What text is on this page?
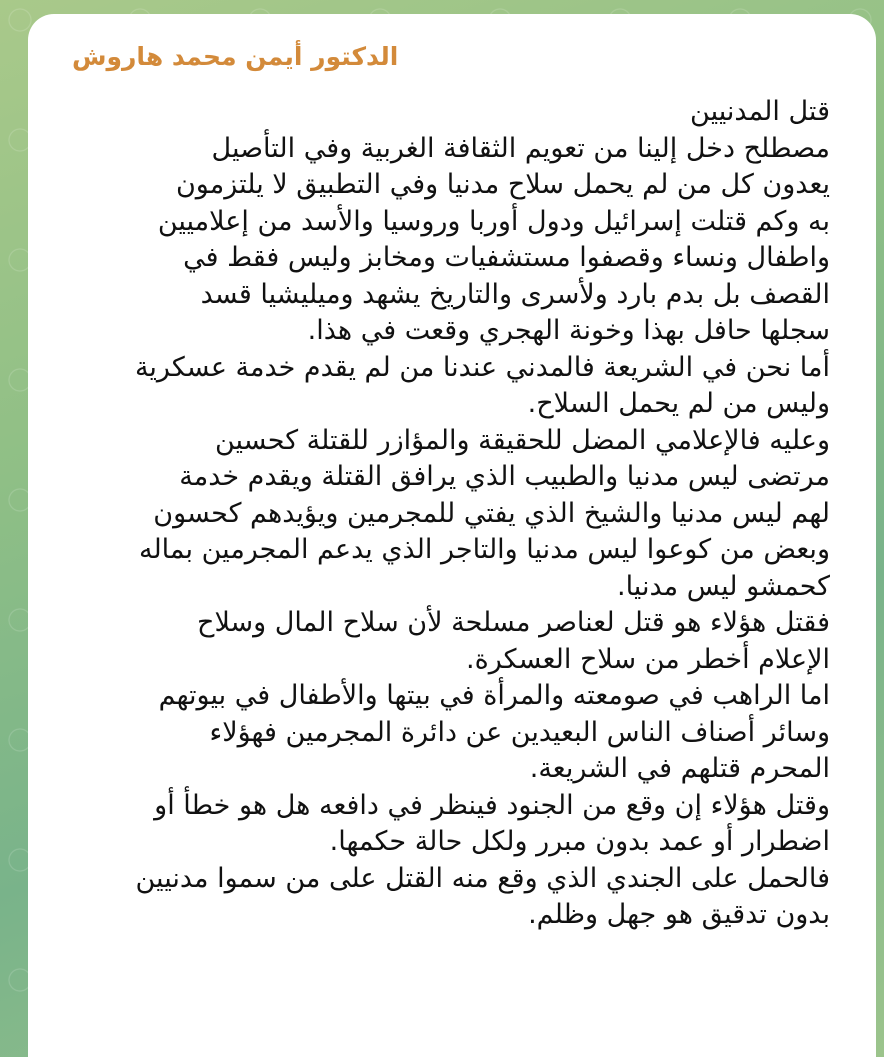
الدكتور أيمن محمد هاروش
قتل المدنيين
مصطلح دخل إلينا من تعويم الثقافة الغربية وفي التأصيل
يعدون كل من لم يحمل سلاح مدنيا وفي التطبيق لا يلتزمون
به وكم قتلت إسرائيل ودول أوربا وروسيا والأسد من إعلاميين
واطفال ونساء وقصفوا مستشفيات ومخابز وليس فقط في
القصف بل بدم بارد ولأسرى والتاريخ يشهد وميليشيا قسد
سجلها حافل بهذا وخونة الهجري وقعت في هذا.
أما نحن في الشريعة فالمدني عندنا من لم يقدم خدمة عسكرية
وليس من لم يحمل السلاح.
وعليه فالإعلامي المضل للحقيقة والمؤازر للقتلة كحسين
مرتضى ليس مدنيا والطبيب الذي يرافق القتلة ويقدم خدمة
لهم ليس مدنيا والشيخ الذي يفتي للمجرمين ويؤيدهم كحسون
وبعض من كوعوا ليس مدنيا والتاجر الذي يدعم المجرمين بماله
كحمشو ليس مدنيا.
فقتل هؤلاء هو قتل لعناصر مسلحة لأن سلاح المال وسلاح
الإعلام أخطر من سلاح العسكرة.
اما الراهب في صومعته والمرأة في بيتها والأطفال في بيوتهم
وسائر أصناف الناس البعيدين عن دائرة المجرمين فهؤلاء
المحرم قتلهم في الشريعة.
وقتل هؤلاء إن وقع من الجنود فينظر في دافعه هل هو خطأ أو
اضطرار أو عمد بدون مبرر ولكل حالة حكمها.
فالحمل على الجندي الذي وقع منه القتل على من سموا مدنيين
بدون تدقيق هو جهل وظلم.
